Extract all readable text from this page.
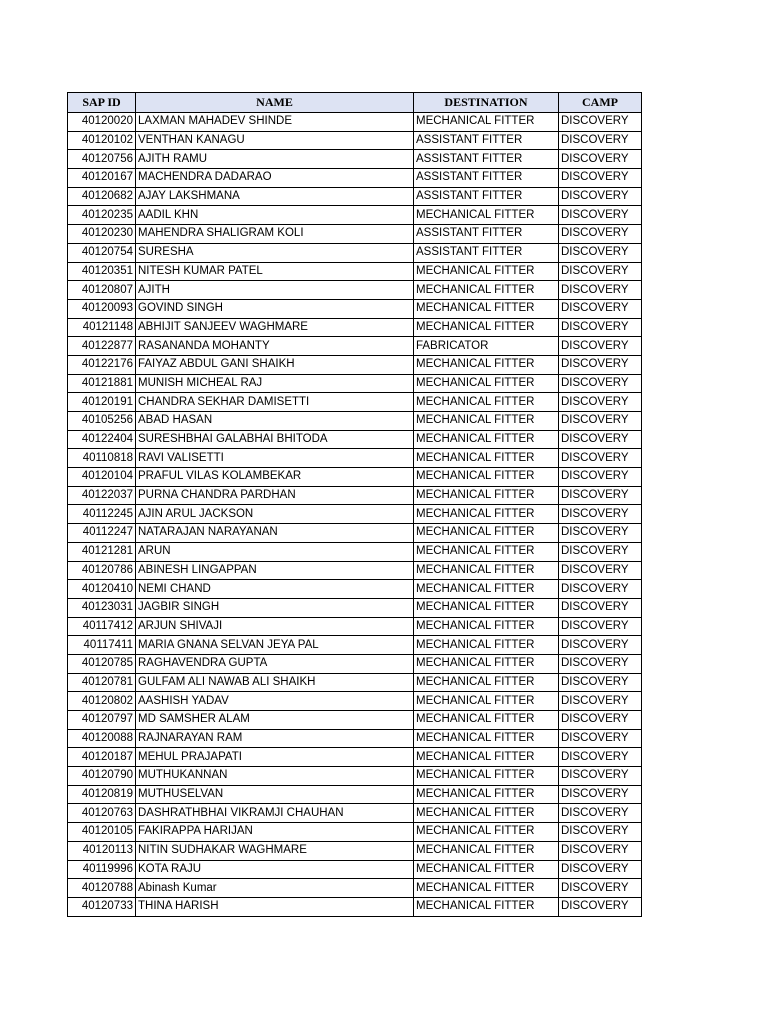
SAP ID	NAME	DESTINATION	CAMP
40120020	LAXMAN MAHADEV SHINDE	MECHANICAL FITTER	DISCOVERY
40120102	VENTHAN KANAGU	ASSISTANT FITTER	DISCOVERY
40120756	AJITH RAMU	ASSISTANT FITTER	DISCOVERY
40120167	MACHENDRA DADARAO	ASSISTANT FITTER	DISCOVERY
40120682	AJAY LAKSHMANA	ASSISTANT FITTER	DISCOVERY
40120235	AADIL KHN	MECHANICAL FITTER	DISCOVERY
40120230	MAHENDRA SHALIGRAM KOLI	ASSISTANT FITTER	DISCOVERY
40120754	SURESHA	ASSISTANT FITTER	DISCOVERY
40120351	NITESH KUMAR PATEL	MECHANICAL FITTER	DISCOVERY
40120807	AJITH	MECHANICAL FITTER	DISCOVERY
40120093	GOVIND SINGH	MECHANICAL FITTER	DISCOVERY
40121148	ABHIJIT SANJEEV WAGHMARE	MECHANICAL FITTER	DISCOVERY
40122877	RASANANDA MOHANTY	FABRICATOR	DISCOVERY
40122176	FAIYAZ ABDUL GANI SHAIKH	MECHANICAL FITTER	DISCOVERY
40121881	MUNISH MICHEAL RAJ	MECHANICAL FITTER	DISCOVERY
40120191	CHANDRA SEKHAR DAMISETTI	MECHANICAL FITTER	DISCOVERY
40105256	ABAD HASAN	MECHANICAL FITTER	DISCOVERY
40122404	SURESHBHAI GALABHAI BHITODA	MECHANICAL FITTER	DISCOVERY
40110818	RAVI VALISETTI	MECHANICAL FITTER	DISCOVERY
40120104	PRAFUL VILAS KOLAMBEKAR	MECHANICAL FITTER	DISCOVERY
40122037	PURNA CHANDRA PARDHAN	MECHANICAL FITTER	DISCOVERY
40112245	AJIN ARUL JACKSON	MECHANICAL FITTER	DISCOVERY
40112247	NATARAJAN NARAYANAN	MECHANICAL FITTER	DISCOVERY
40121281	ARUN	MECHANICAL FITTER	DISCOVERY
40120786	ABINESH LINGAPPAN	MECHANICAL FITTER	DISCOVERY
40120410	NEMI CHAND	MECHANICAL FITTER	DISCOVERY
40123031	JAGBIR SINGH	MECHANICAL FITTER	DISCOVERY
40117412	ARJUN SHIVAJI	MECHANICAL FITTER	DISCOVERY
40117411	MARIA GNANA SELVAN JEYA PAL	MECHANICAL FITTER	DISCOVERY
40120785	RAGHAVENDRA GUPTA	MECHANICAL FITTER	DISCOVERY
40120781	GULFAM ALI NAWAB ALI SHAIKH	MECHANICAL FITTER	DISCOVERY
40120802	AASHISH YADAV	MECHANICAL FITTER	DISCOVERY
40120797	MD SAMSHER ALAM	MECHANICAL FITTER	DISCOVERY
40120088	RAJNARAYAN RAM	MECHANICAL FITTER	DISCOVERY
40120187	MEHUL PRAJAPATI	MECHANICAL FITTER	DISCOVERY
40120790	MUTHUKANNAN	MECHANICAL FITTER	DISCOVERY
40120819	MUTHUSELVAN	MECHANICAL FITTER	DISCOVERY
40120763	DASHRATHBHAI VIKRAMJI CHAUHAN	MECHANICAL FITTER	DISCOVERY
40120105	FAKIRAPPA HARIJAN	MECHANICAL FITTER	DISCOVERY
40120113	NITIN SUDHAKAR WAGHMARE	MECHANICAL FITTER	DISCOVERY
40119996	KOTA RAJU	MECHANICAL FITTER	DISCOVERY
40120788	Abinash Kumar	MECHANICAL FITTER	DISCOVERY
40120733	THINA HARISH	MECHANICAL FITTER	DISCOVERY
